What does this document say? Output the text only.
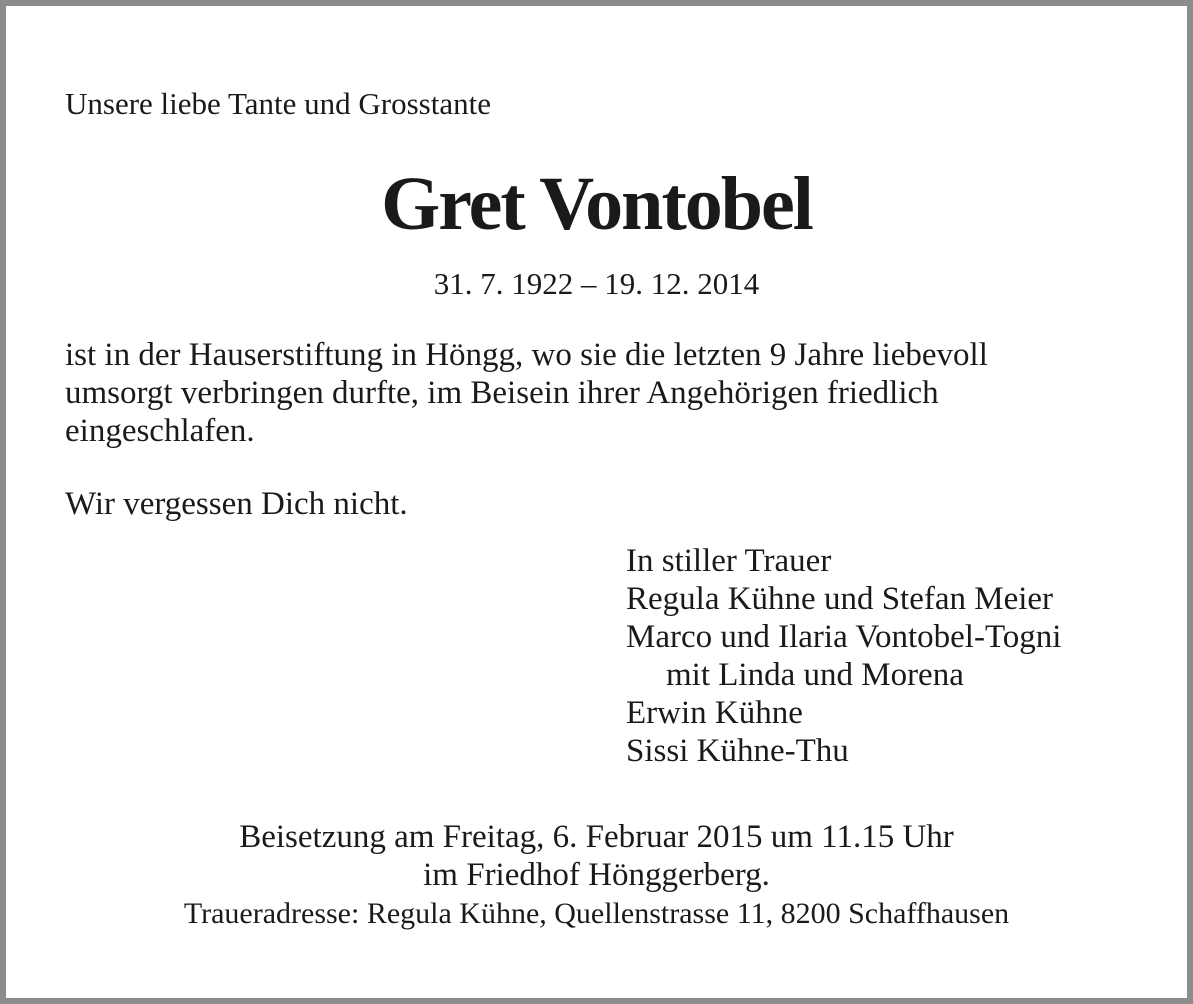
Unsere liebe Tante und Grosstante

Gret Vontobel

31. 7. 1922 – 19. 12. 2014

ist in der Hauserstiftung in Höngg, wo sie die letzten 9 Jahre liebevoll
umsorgt verbringen durfte, im Beisein ihrer Angehörigen friedlich
eingeschlafen.

Wir vergessen Dich nicht.

In stiller Trauer
Regula Kühne und Stefan Meier
Marco und Ilaria Vontobel-Togni
mit Linda und Morena
Erwin Kühne
Sissi Kühne-Thu
Beisetzung am Freitag, 6. Februar 2015 um 11.15 Uhr
im Friedhof Hönggerberg.
Traueradresse: Regula Kühne, Quellenstrasse 11, 8200 Schaffhausen
